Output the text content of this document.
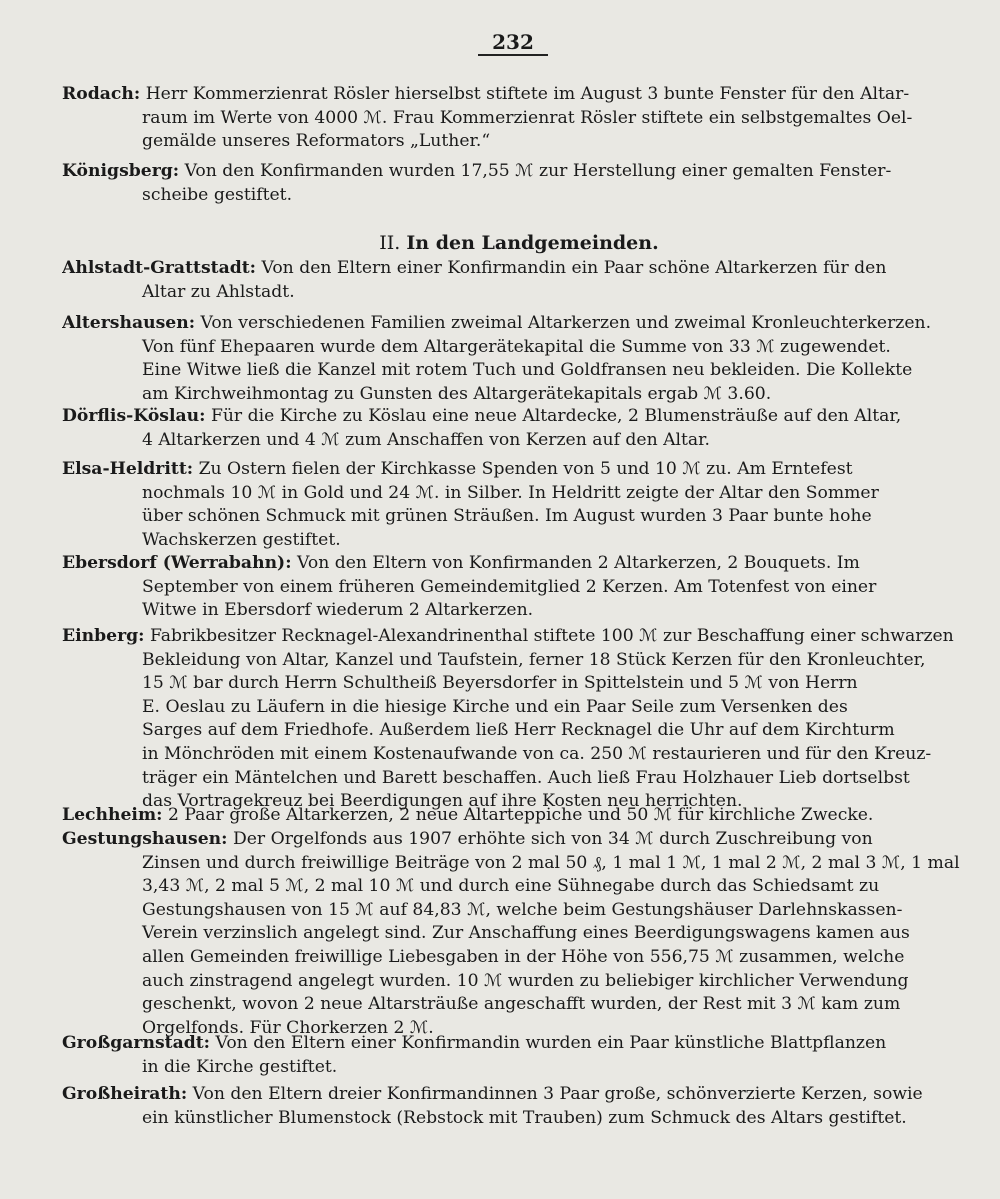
232
II. In den Landgemeinden.
Rodach: Herr Kommerzienrat Rösler hierselbst stiftete im August 3 bunte Fenster für den Altar-
raum im Werte von 4000 ℳ. Frau Kommerzienrat Rösler stiftete ein selbstgemaltes Oel-
gemälde unseres Reformators „Luther.“
Königsberg: Von den Konfirmanden wurden 17,55 ℳ zur Herstellung einer gemalten Fenster-
scheibe gestiftet.
Ahlstadt-Grattstadt: Von den Eltern einer Konfirmandin ein Paar schöne Altarkerzen für den
Altar zu Ahlstadt.
Altershausen: Von verschiedenen Familien zweimal Altarkerzen und zweimal Kronleuchterkerzen.
Von fünf Ehepaaren wurde dem Altargerätekapital die Summe von 33 ℳ zugewendet.
Eine Witwe ließ die Kanzel mit rotem Tuch und Goldfransen neu bekleiden. Die Kollekte
am Kirchweihmontag zu Gunsten des Altargerätekapitals ergab ℳ 3.60.
Dörflis-Köslau: Für die Kirche zu Köslau eine neue Altardecke, 2 Blumensträuße auf den Altar,
4 Altarkerzen und 4 ℳ zum Anschaffen von Kerzen auf den Altar.
Elsa-Heldritt: Zu Ostern fielen der Kirchkasse Spenden von 5 und 10 ℳ zu. Am Erntefest
nochmals 10 ℳ in Gold und 24 ℳ. in Silber. In Heldritt zeigte der Altar den Sommer
über schönen Schmuck mit grünen Sträußen. Im August wurden 3 Paar bunte hohe
Wachskerzen gestiftet.
Ebersdorf (Werrabahn): Von den Eltern von Konfirmanden 2 Altarkerzen, 2 Bouquets. Im
September von einem früheren Gemeindemitglied 2 Kerzen. Am Totenfest von einer
Witwe in Ebersdorf wiederum 2 Altarkerzen.
Einberg: Fabrikbesitzer Recknagel-Alexandrinenthal stiftete 100 ℳ zur Beschaffung einer schwarzen
Bekleidung von Altar, Kanzel und Taufstein, ferner 18 Stück Kerzen für den Kronleuchter,
15 ℳ bar durch Herrn Schultheiß Beyersdorfer in Spittelstein und 5 ℳ von Herrn
E. Oeslau zu Läufern in die hiesige Kirche und ein Paar Seile zum Versenken des
Sarges auf dem Friedhofe. Außerdem ließ Herr Recknagel die Uhr auf dem Kirchturm
in Mönchröden mit einem Kostenaufwande von ca. 250 ℳ restaurieren und für den Kreuz-
träger ein Mäntelchen und Barett beschaffen. Auch ließ Frau Holzhauer Lieb dortselbst
das Vortragekreuz bei Beerdigungen auf ihre Kosten neu herrichten.
Lechheim: 2 Paar große Altarkerzen, 2 neue Altarteppiche und 50 ℳ für kirchliche Zwecke.
Gestungshausen: Der Orgelfonds aus 1907 erhöhte sich von 34 ℳ durch Zuschreibung von
Zinsen und durch freiwillige Beiträge von 2 mal 50 ₰, 1 mal 1 ℳ, 1 mal 2 ℳ, 2 mal 3 ℳ, 1 mal
3,43 ℳ, 2 mal 5 ℳ, 2 mal 10 ℳ und durch eine Sühnegabe durch das Schiedsamt zu
Gestungshausen von 15 ℳ auf 84,83 ℳ, welche beim Gestungshäuser Darlehnskassen-
Verein verzinslich angelegt sind. Zur Anschaffung eines Beerdigungswagens kamen aus
allen Gemeinden freiwillige Liebesgaben in der Höhe von 556,75 ℳ zusammen, welche
auch zinstragend angelegt wurden. 10 ℳ wurden zu beliebiger kirchlicher Verwendung
geschenkt, wovon 2 neue Altarsträuße angeschafft wurden, der Rest mit 3 ℳ kam zum
Orgelfonds. Für Chorkerzen 2 ℳ.
Großgarnstadt: Von den Eltern einer Konfirmandin wurden ein Paar künstliche Blattpflanzen
in die Kirche gestiftet.
Großheirath: Von den Eltern dreier Konfirmandinnen 3 Paar große, schönverzierte Kerzen, sowie
ein künstlicher Blumenstock (Rebstock mit Trauben) zum Schmuck des Altars gestiftet.
